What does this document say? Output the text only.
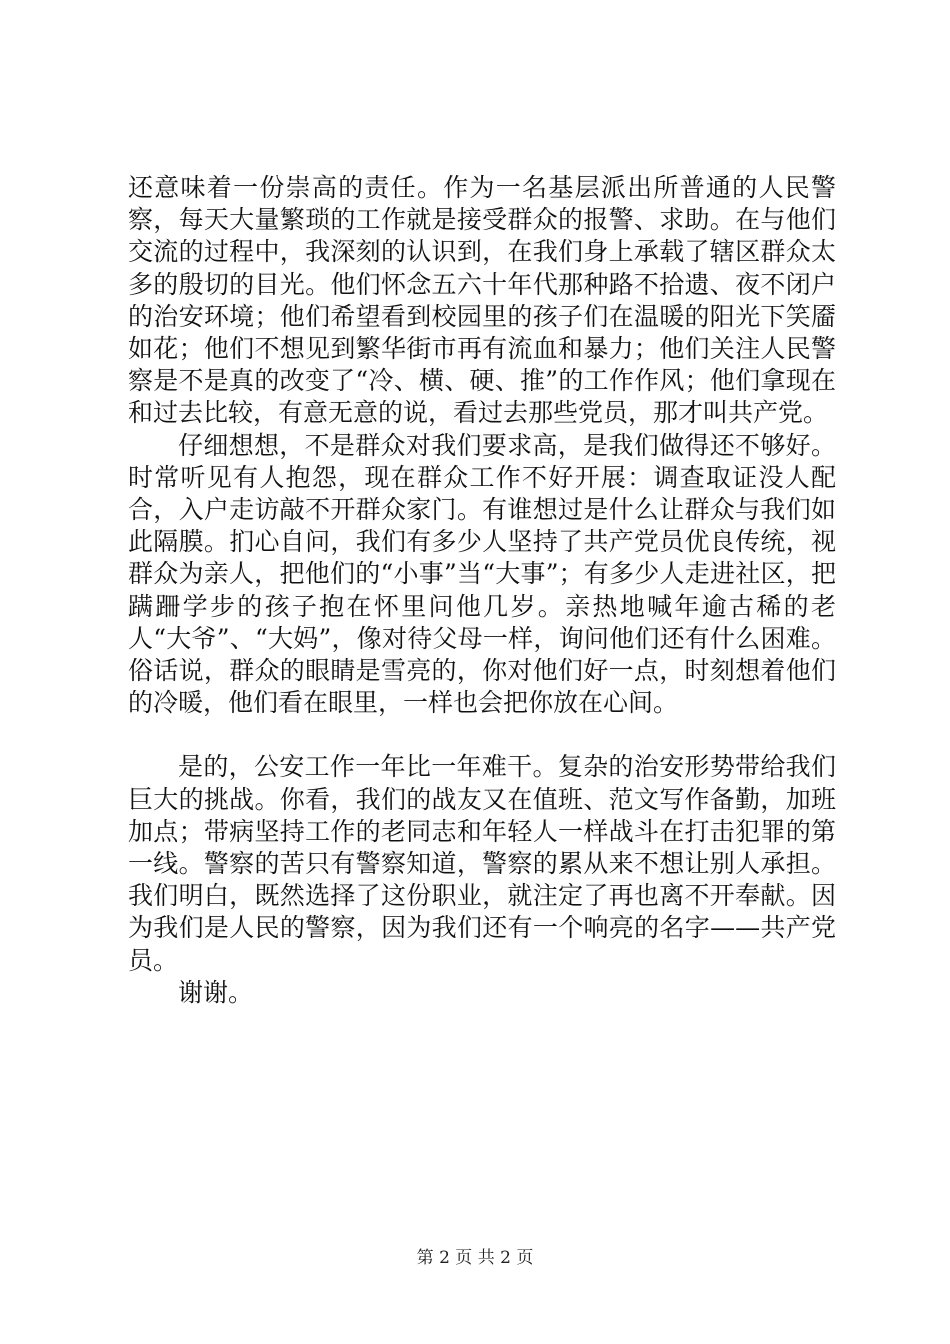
还意味着一份崇高的责任。作为一名基层派出所普通的人民警察，每天大量繁琐的工作就是接受群众的报警、求助。在与他们交流的过程中，我深刻的认识到，在我们身上承载了辖区群众太多的殷切的目光。他们怀念五六十年代那种路不拾遗、夜不闭户的治安环境；他们希望看到校园里的孩子们在温暖的阳光下笑靥如花；他们不想见到繁华街市再有流血和暴力；他们关注人民警察是不是真的改变了“冷、横、硬、推”的工作作风；他们拿现在和过去比较，有意无意的说，看过去那些党员，那才叫共产党。

仔细想想，不是群众对我们要求高，是我们做得还不够好。时常听见有人抱怨，现在群众工作不好开展：调查取证没人配合，入户走访敲不开群众家门。有谁想过是什么让群众与我们如此隔膜。扪心自问，我们有多少人坚持了共产党员优良传统，视群众为亲人，把他们的“小事”当“大事”；有多少人走进社区，把蹒跚学步的孩子抱在怀里问他几岁。亲热地喊年逾古稀的老人“大爷”、“大妈”，像对待父母一样，询问他们还有什么困难。俗话说，群众的眼睛是雪亮的，你对他们好一点，时刻想着他们的冷暖，他们看在眼里，一样也会把你放在心间。

是的，公安工作一年比一年难干。复杂的治安形势带给我们巨大的挑战。你看，我们的战友又在值班、范文写作备勤，加班加点；带病坚持工作的老同志和年轻人一样战斗在打击犯罪的第一线。警察的苦只有警察知道，警察的累从来不想让别人承担。我们明白，既然选择了这份职业，就注定了再也离不开奉献。因为我们是人民的警察，因为我们还有一个响亮的名字——共产党员。

谢谢。

第 2 页 共 2 页
